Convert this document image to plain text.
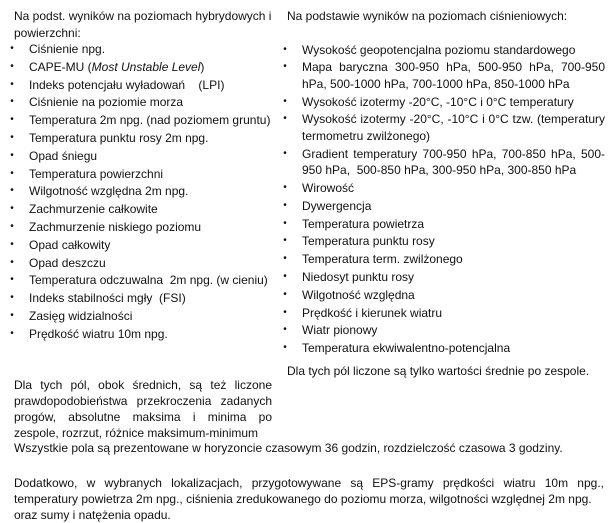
Na podst. wyników na poziomach hybrydowych i powierzchni:

• Ciśnienie npg.
• CAPE-MU (Most Unstable Level)
• Indeks potencjału wyładowań    (LPI)
• Ciśnienie na poziomie morza
• Temperatura 2m npg. (nad poziomem gruntu)
• Temperatura punktu rosy 2m npg.
• Opad śniegu
• Temperatura powierzchni
• Wilgotność względna 2m npg.
• Zachmurzenie całkowite
• Zachmurzenie niskiego poziomu
• Opad całkowity
• Opad deszczu
• Temperatura odczuwalna  2m npg. (w cieniu)
• Indeks stabilności mgły  (FSI)
• Zasięg widzialności
• Prędkość wiatru 10m npg.

Na podstawie wyników na poziomach ciśnieniowych:

• Wysokość geopotencjalna poziomu standardowego
• Mapa baryczna 300-950 hPa, 500-950 hPa, 700-950 hPa, 500-1000 hPa, 700-1000 hPa, 850-1000 hPa
• Wysokość izotermy -20°C, -10°C i 0°C temperatury
• Wysokość izotermy -20°C, -10°C i 0°C tzw. (temperatury termometru zwilżonego)
• Gradient temperatury 700-950 hPa, 700-850 hPa, 500-950 hPa,  500-850 hPa, 300-950 hPa, 300-850 hPa
• Wirowość
• Dywergencja
• Temperatura powietrza
• Temperatura punktu rosy
• Temperatura term. zwilżonego
• Niedosyt punktu rosy
• Wilgotność względna
• Prędkość i kierunek wiatru
• Wiatr pionowy
• Temperatura ekwiwalentno-potencjalna

Dla tych pól liczone są tylko wartości średnie po zespole.

Dla tych pól, obok średnich, są też liczone
prawdopodobieństwa przekroczenia zadanych
progów, absolutne maksima i minima po
zespole, rozrzut, różnice maksimum-minimum

Wszystkie pola są prezentowane w horyzoncie czasowym 36 godzin, rozdzielczość czasowa 3 godziny.

Dodatkowo, w wybranych lokalizacjach, przygotowywane są EPS-gramy prędkości wiatru 10m npg.,
temperatury powietrza 2m npg., ciśnienia zredukowanego do poziomu morza, wilgotności względnej 2m npg.
oraz sumy i natężenia opadu.
